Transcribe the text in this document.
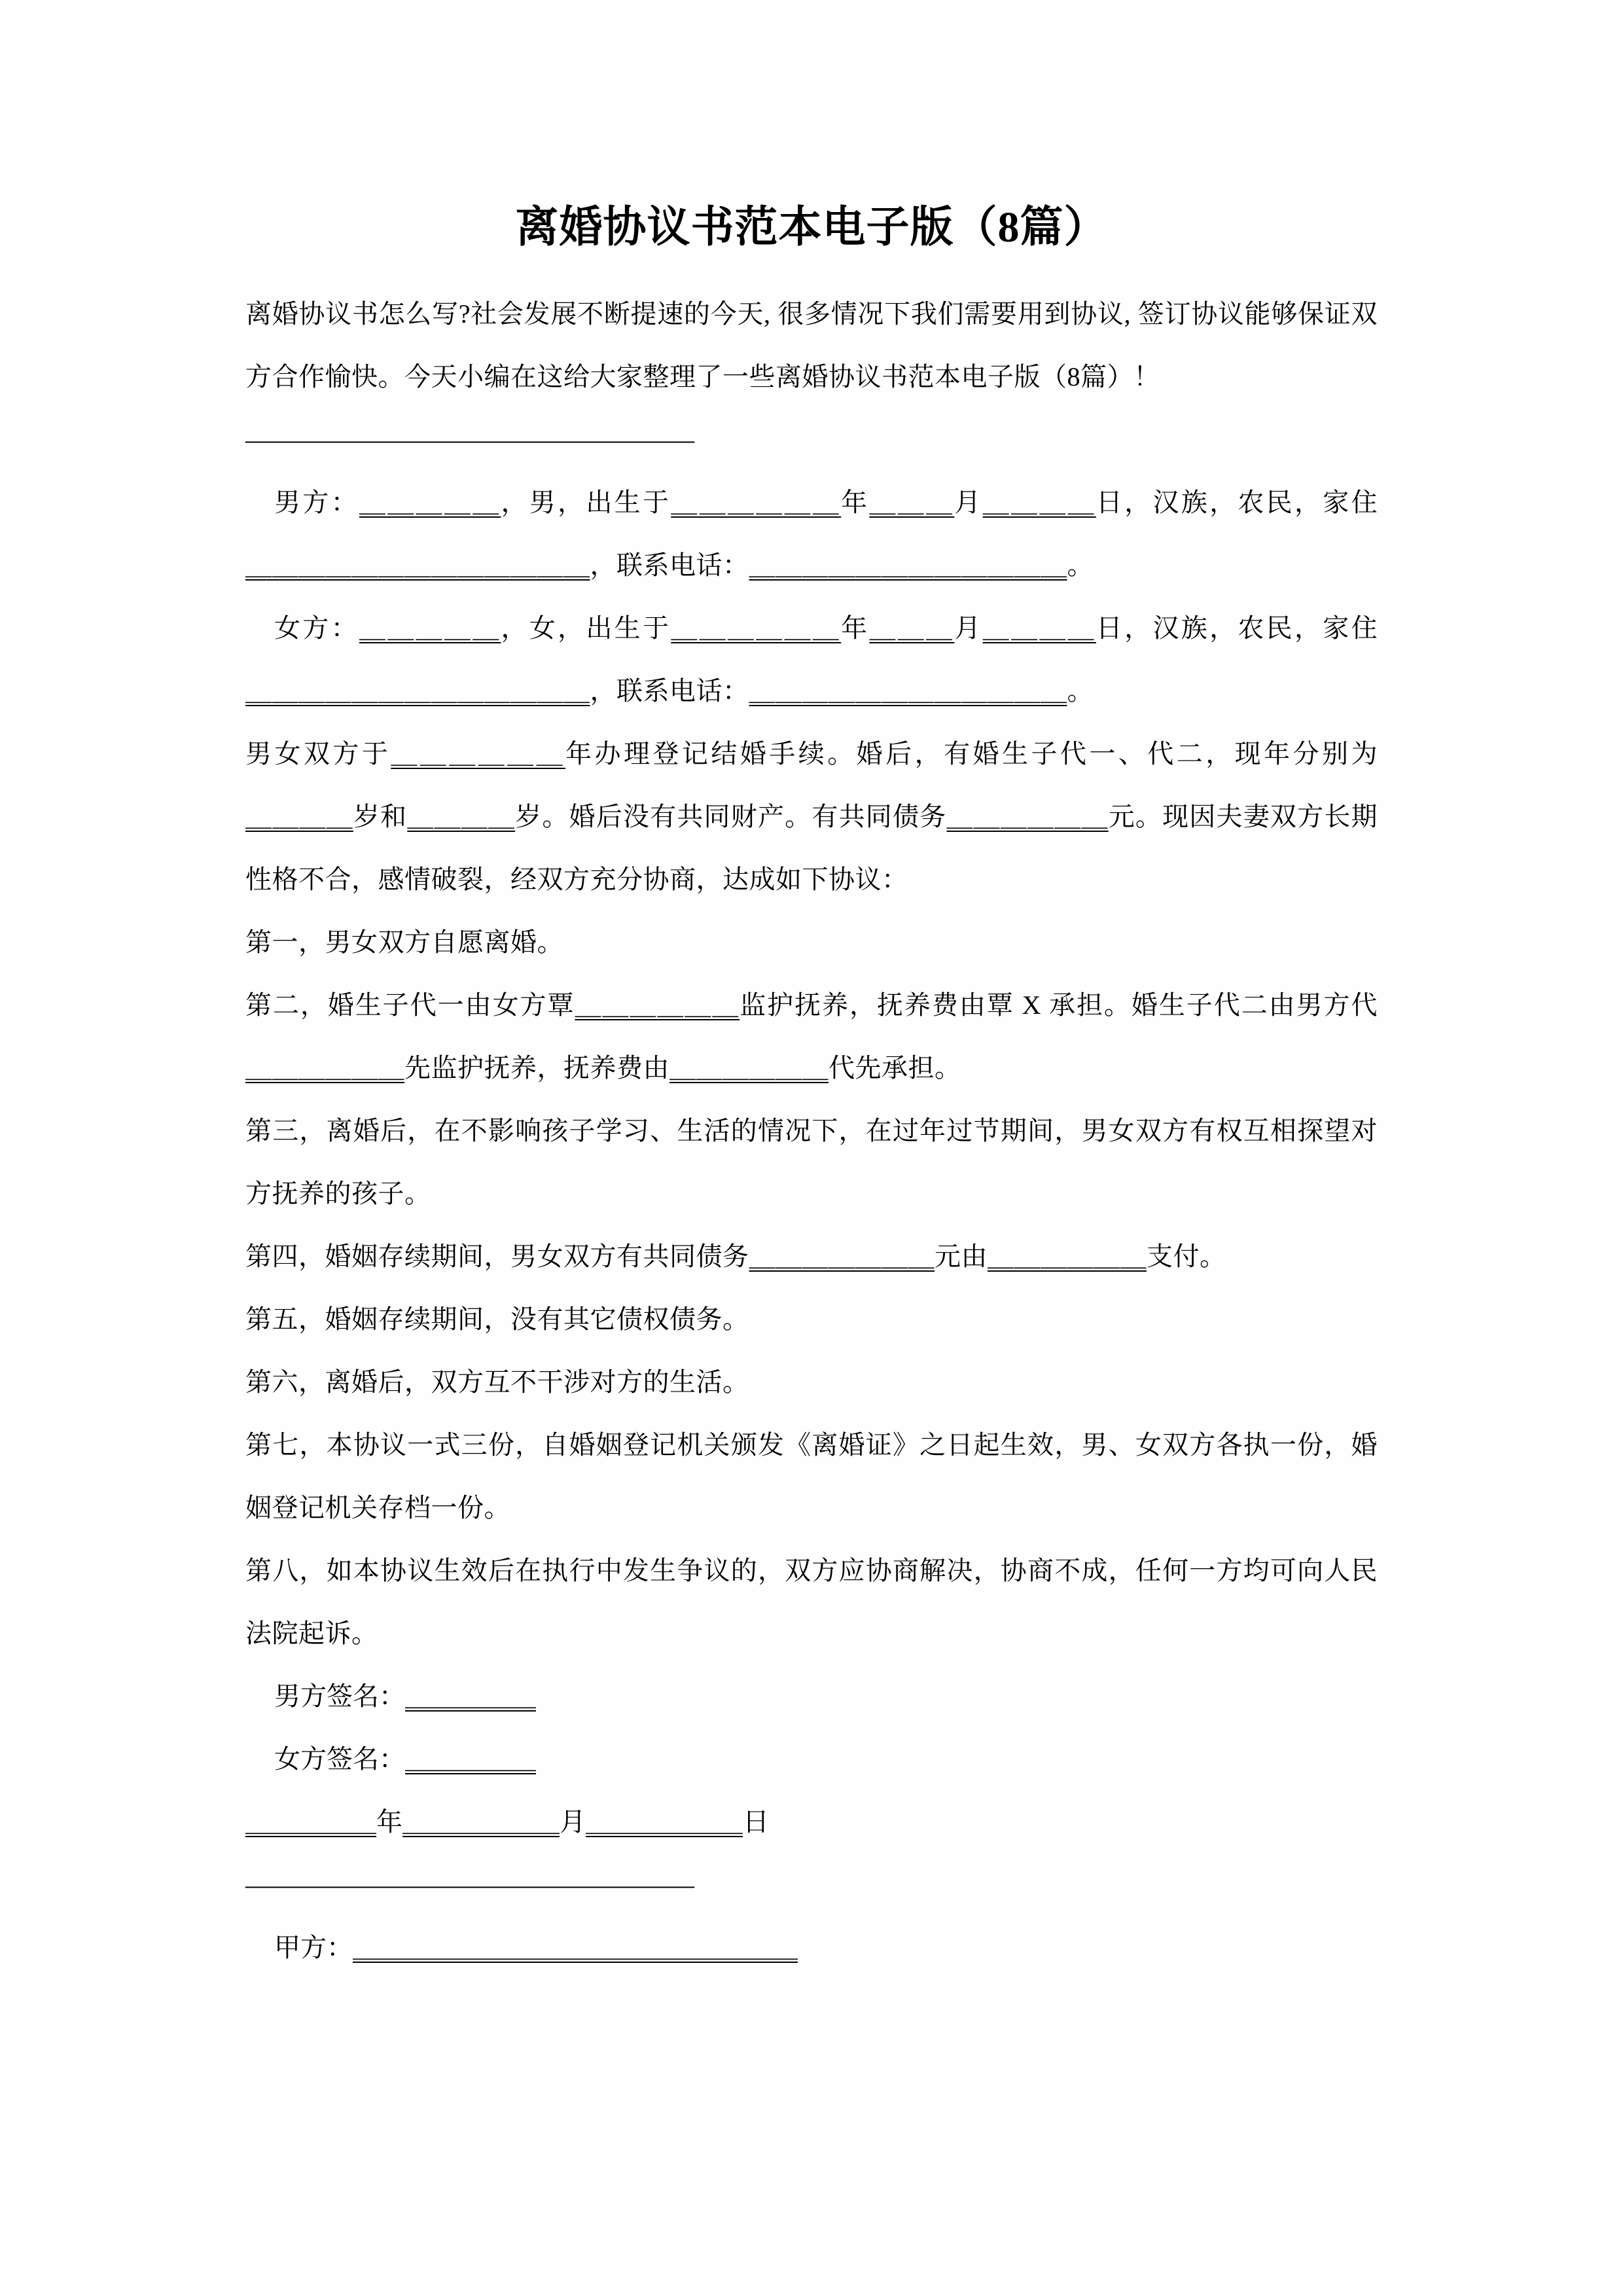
离婚协议书范本电子版（8篇）

离婚协议书怎么写?社会发展不断提速的今天, 很多情况下我们需要用到协议, 签订协议能够保证双方合作愉快。今天小编在这给大家整理了一些离婚协议书范本电子版（8篇）！

——————————————————

男方：＿＿＿＿＿，男，出生于＿＿＿＿＿＿年＿＿＿月＿＿＿＿日，汉族，农民，家住＿＿＿＿＿＿＿＿＿＿＿＿＿，联系电话：＿＿＿＿＿＿＿＿＿＿＿＿。

女方：＿＿＿＿＿，女，出生于＿＿＿＿＿＿年＿＿＿月＿＿＿＿日，汉族，农民，家住＿＿＿＿＿＿＿＿＿＿＿＿＿，联系电话：＿＿＿＿＿＿＿＿＿＿＿＿。

男女双方于＿＿＿＿＿＿年办理登记结婚手续。婚后，有婚生子代一、代二，现年分别为＿＿＿＿岁和＿＿＿＿岁。婚后没有共同财产。有共同债务＿＿＿＿＿＿元。现因夫妻双方长期性格不合，感情破裂，经双方充分协商，达成如下协议：

第一，男女双方自愿离婚。

第二，婚生子代一由女方覃＿＿＿＿＿＿监护抚养，抚养费由覃 X 承担。婚生子代二由男方代＿＿＿＿＿＿先监护抚养，抚养费由＿＿＿＿＿＿代先承担。

第三，离婚后，在不影响孩子学习、生活的情况下，在过年过节期间，男女双方有权互相探望对方抚养的孩子。

第四，婚姻存续期间，男女双方有共同债务＿＿＿＿＿＿＿元由＿＿＿＿＿＿支付。

第五，婚姻存续期间，没有其它债权债务。

第六，离婚后，双方互不干涉对方的生活。

第七，本协议一式三份，自婚姻登记机关颁发《离婚证》之日起生效，男、女双方各执一份，婚姻登记机关存档一份。

第八，如本协议生效后在执行中发生争议的，双方应协商解决，协商不成，任何一方均可向人民法院起诉。

男方签名：＿＿＿＿＿

女方签名：＿＿＿＿＿

＿＿＿＿＿年＿＿＿＿＿＿月＿＿＿＿＿＿日

——————————————————

甲方：＿＿＿＿＿＿＿＿＿＿＿＿＿＿＿＿＿
